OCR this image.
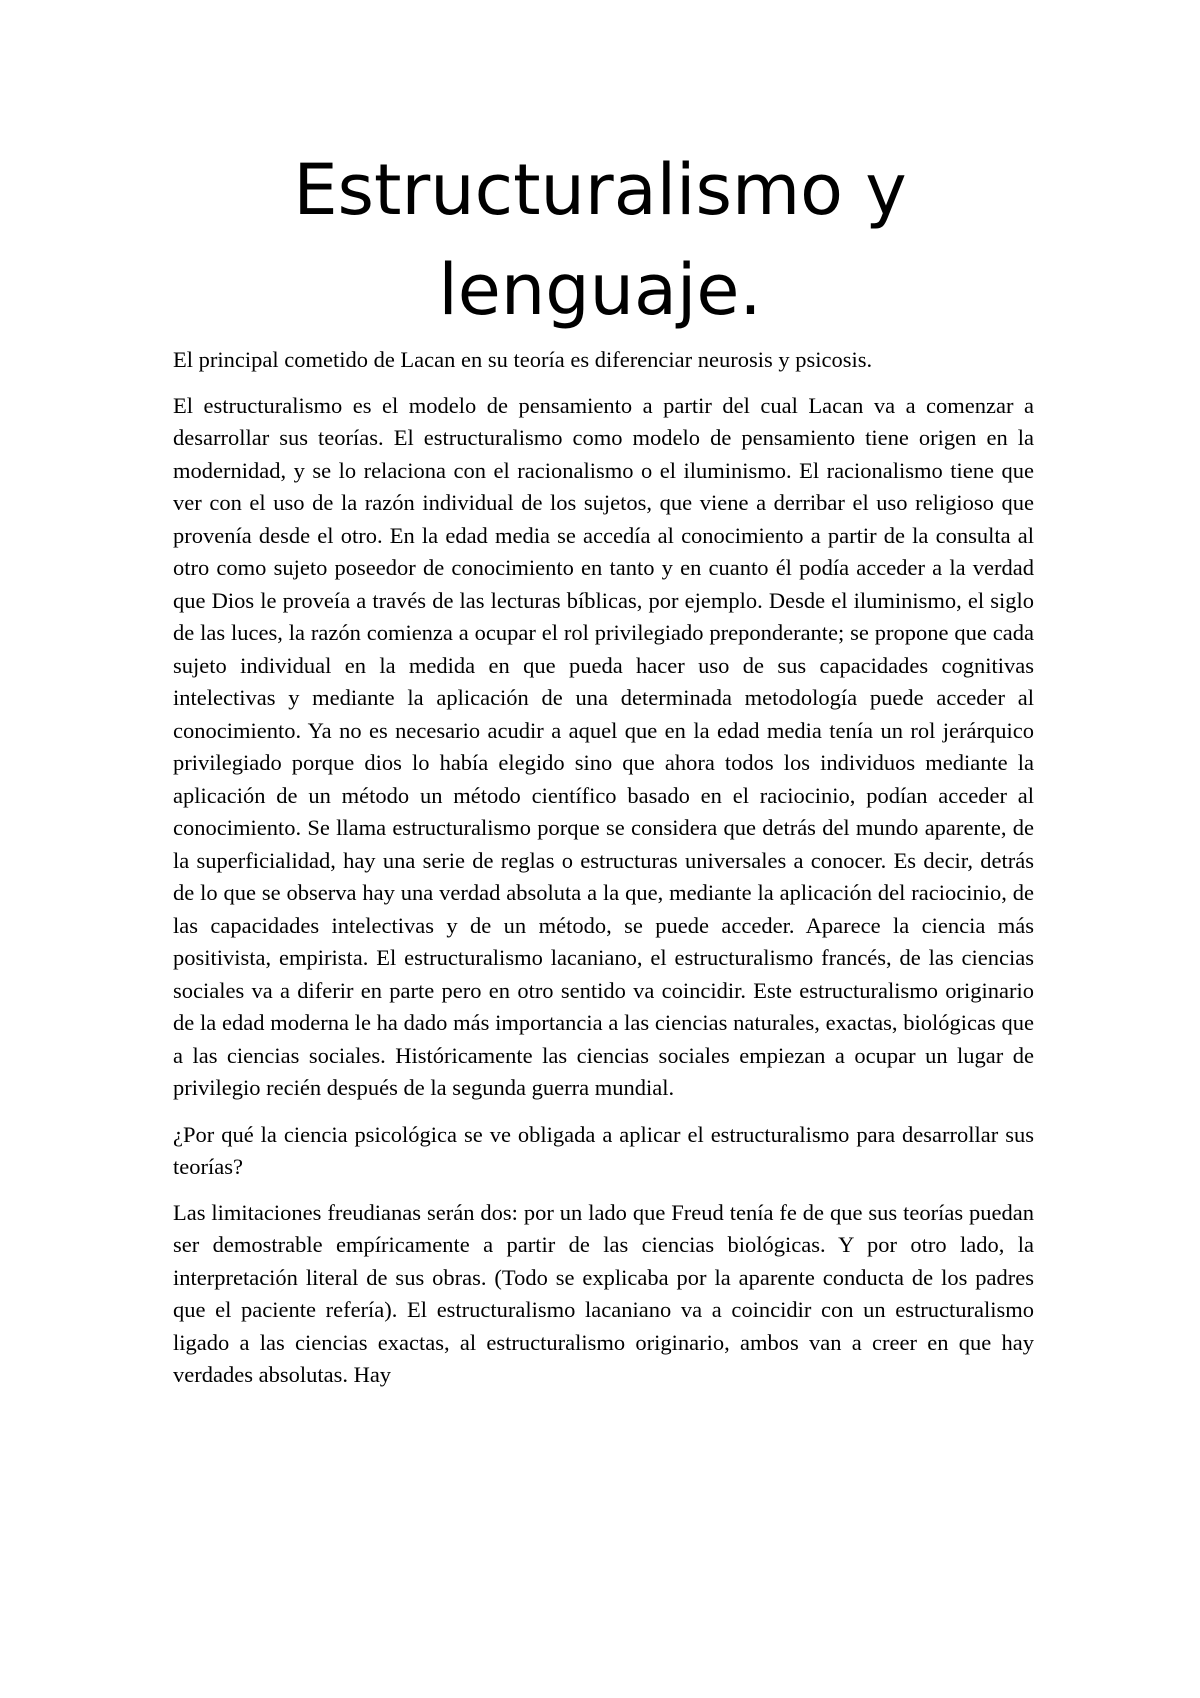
Estructuralismo y lenguaje.

El principal cometido de Lacan en su teoría es diferenciar neurosis y psicosis.

El estructuralismo es el modelo de pensamiento a partir del cual Lacan va a comenzar a desarrollar sus teorías. El estructuralismo como modelo de pensamiento tiene origen en la modernidad, y se lo relaciona con el racionalismo o el iluminismo. El racionalismo tiene que ver con el uso de la razón individual de los sujetos, que viene a derribar el uso religioso que provenía desde el otro. En la edad media se accedía al conocimiento a partir de la consulta al otro como sujeto poseedor de conocimiento en tanto y en cuanto él podía acceder a la verdad que Dios le proveía a través de las lecturas bíblicas, por ejemplo. Desde el iluminismo, el siglo de las luces, la razón comienza a ocupar el rol privilegiado preponderante; se propone que cada sujeto individual en la medida en que pueda hacer uso de sus capacidades cognitivas intelectivas y mediante la aplicación de una determinada metodología puede acceder al conocimiento. Ya no es necesario acudir a aquel que en la edad media tenía un rol jerárquico privilegiado porque dios lo había elegido sino que ahora todos los individuos mediante la aplicación de un método un método científico basado en el raciocinio, podían acceder al conocimiento. Se llama estructuralismo porque se considera que detrás del mundo aparente, de la superficialidad, hay una serie de reglas o estructuras universales a conocer. Es decir, detrás de lo que se observa hay una verdad absoluta a la que, mediante la aplicación del raciocinio, de las capacidades intelectivas y de un método, se puede acceder. Aparece la ciencia más positivista, empirista. El estructuralismo lacaniano, el estructuralismo francés, de las ciencias sociales va a diferir en parte pero en otro sentido va coincidir. Este estructuralismo originario de la edad moderna le ha dado más importancia a las ciencias naturales, exactas, biológicas que a las ciencias sociales. Históricamente las ciencias sociales empiezan a ocupar un lugar de privilegio recién después de la segunda guerra mundial.

¿Por qué la ciencia psicológica se ve obligada a aplicar el estructuralismo para desarrollar sus teorías?

Las limitaciones freudianas serán dos: por un lado que Freud tenía fe de que sus teorías puedan ser demostrable empíricamente a partir de las ciencias biológicas. Y por otro lado, la interpretación literal de sus obras. (Todo se explicaba por la aparente conducta de los padres que el paciente refería). El estructuralismo lacaniano va a coincidir con un estructuralismo ligado a las ciencias exactas, al estructuralismo originario, ambos van a creer en que hay verdades absolutas. Hay
